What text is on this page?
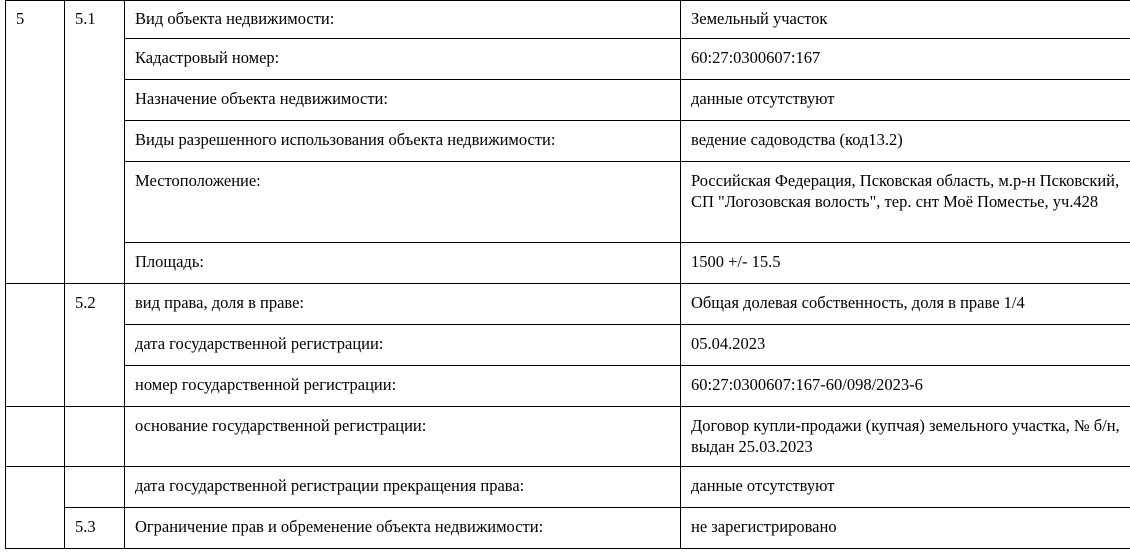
5	5.1	Вид объекта недвижимости:	Земельный участок
		Кадастровый номер:	60:27:0300607:167
		Назначение объекта недвижимости:	данные отсутствуют
		Виды разрешенного использования объекта недвижимости:	ведение садоводства (код13.2)
		Местоположение:	Российская Федерация, Псковская область, м.р-н Псковский, СП "Логозовская волость", тер. снт Моё Поместье, уч.428
		Площадь:	1500 +/- 15.5
	5.2	вид права, доля в праве:	Общая долевая собственность, доля в праве 1/4
		дата государственной регистрации:	05.04.2023
		номер государственной регистрации:	60:27:0300607:167-60/098/2023-6
		основание государственной регистрации:	Договор купли-продажи (купчая) земельного участка, № б/н, выдан 25.03.2023
		дата государственной регистрации прекращения права:	данные отсутствуют
	5.3	Ограничение прав и обременение объекта недвижимости:	не зарегистрировано
